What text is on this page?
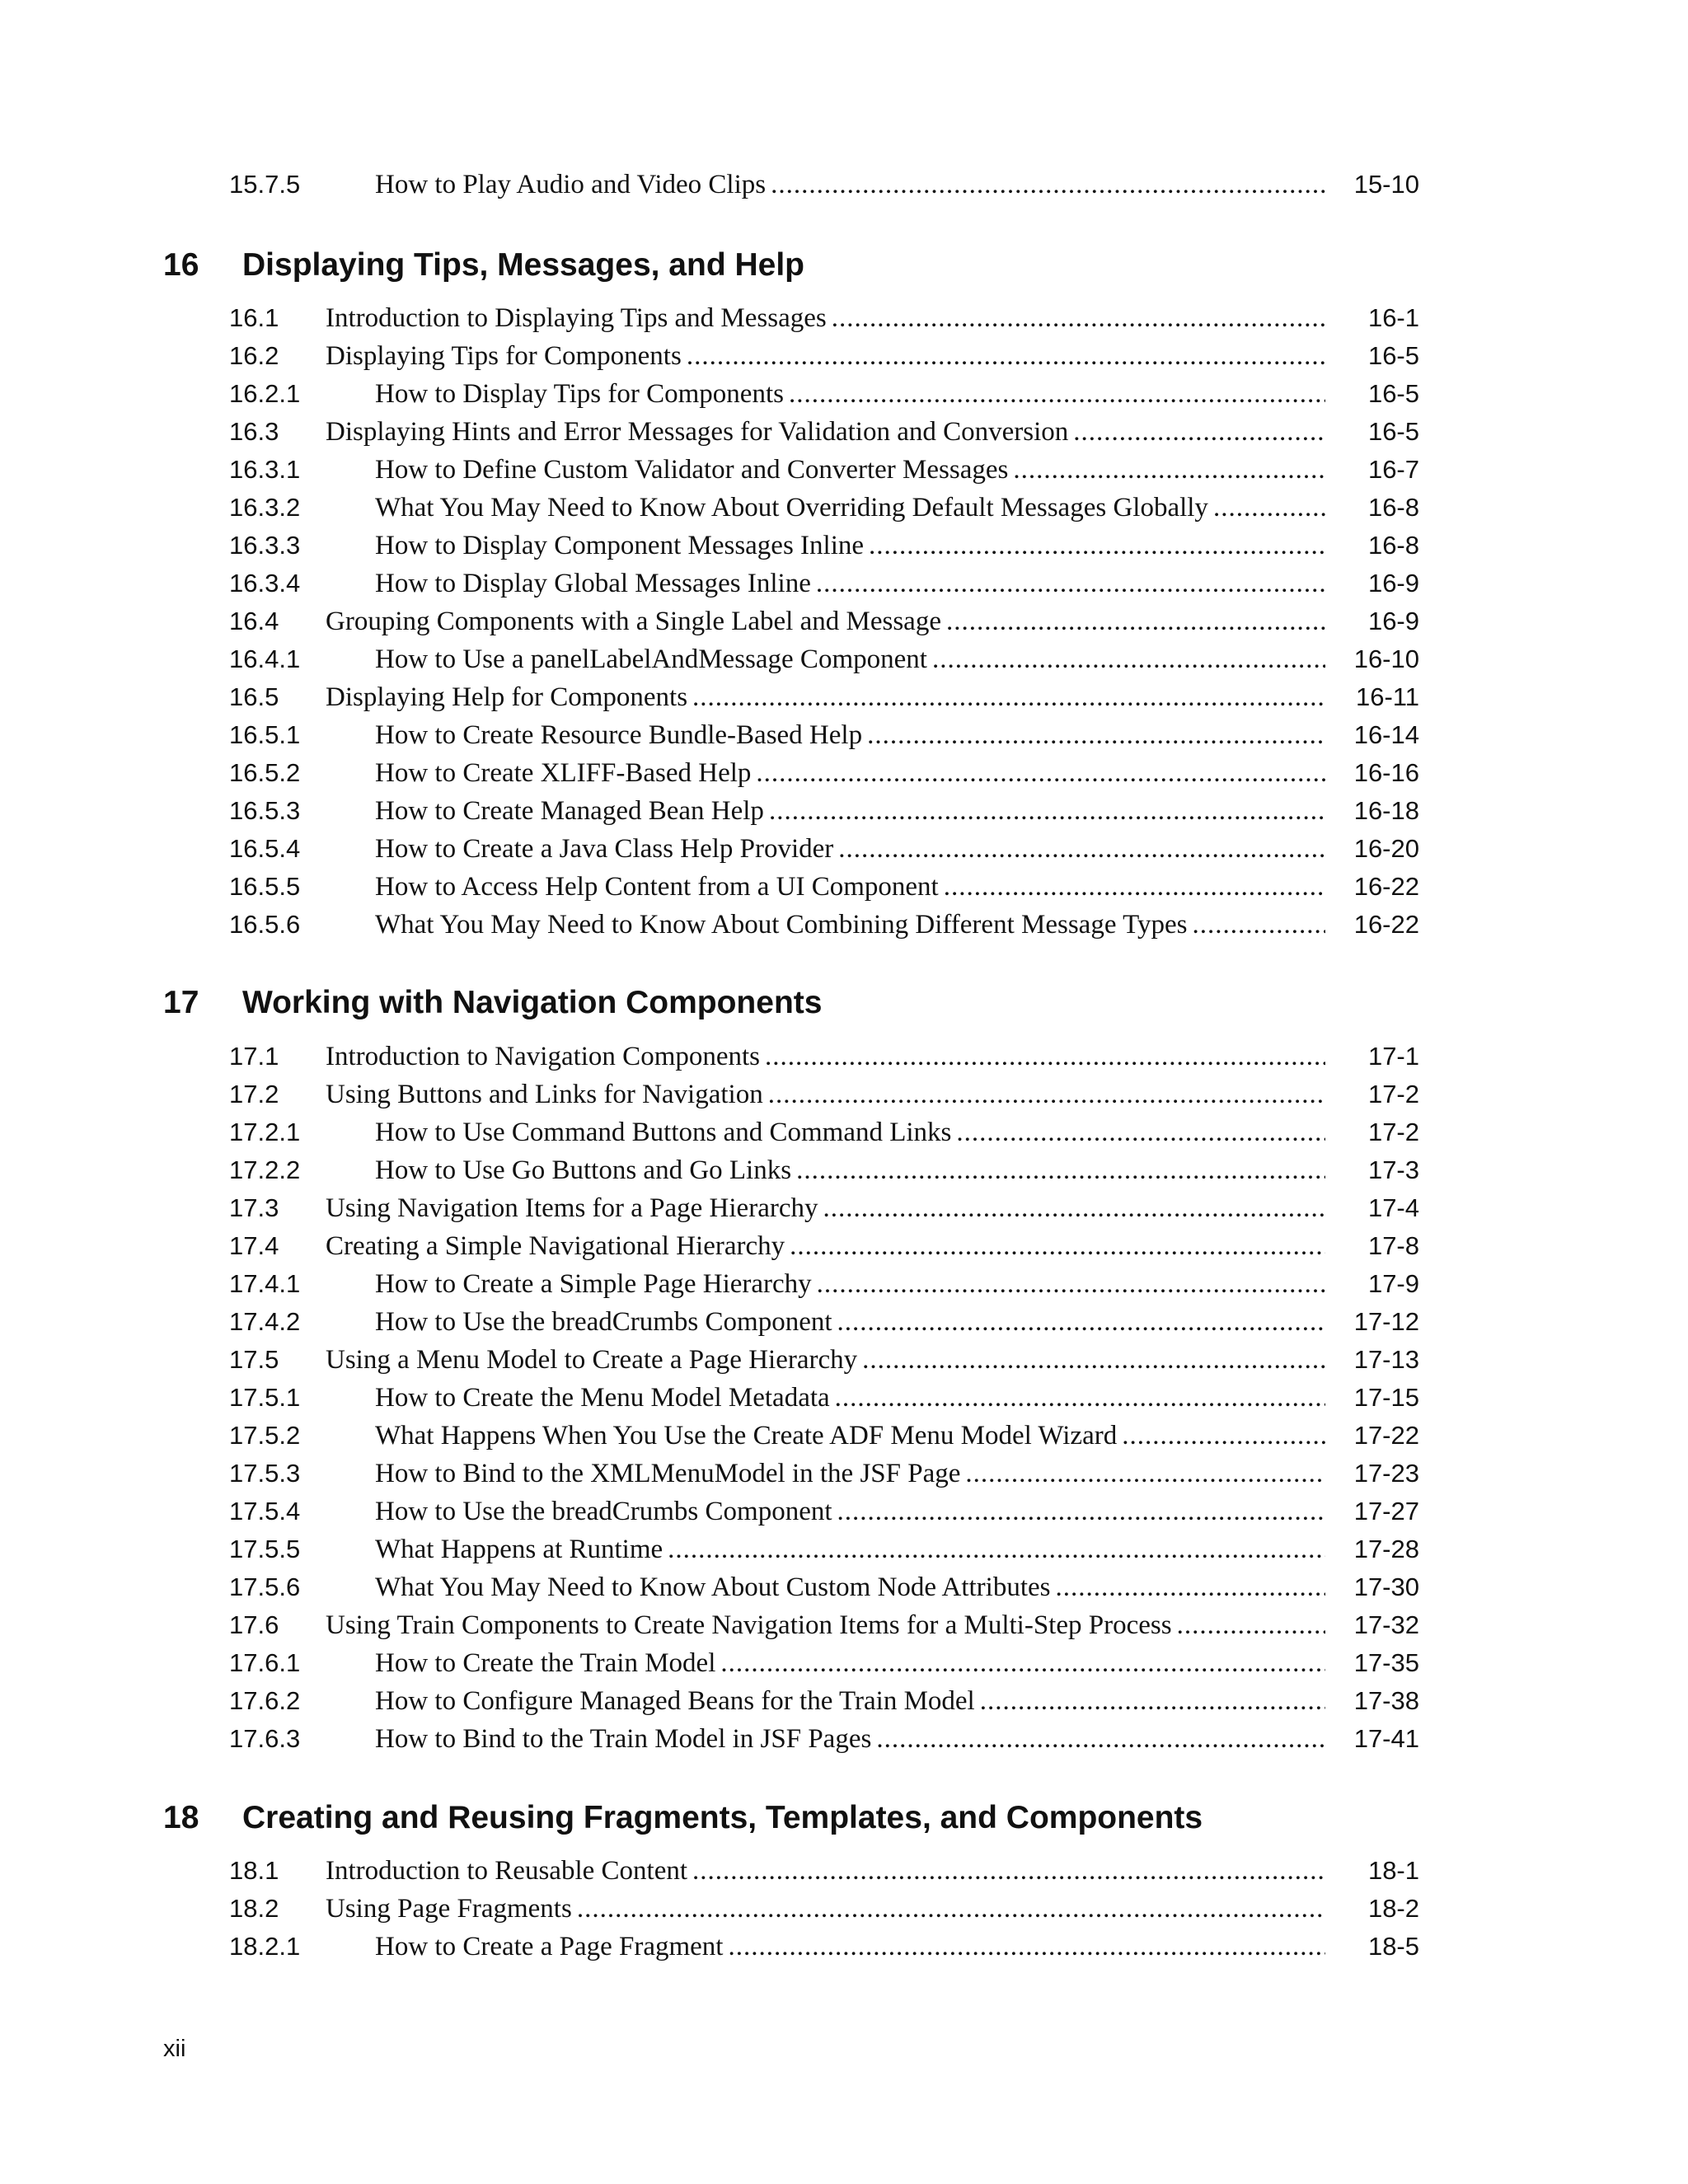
15.7.5	How to Play Audio and Video Clips .....	15-10
16	Displaying Tips, Messages, and Help
16.1	Introduction to Displaying Tips and Messages .....	16-1
16.2	Displaying Tips for Components .....	16-5
16.2.1	How to Display Tips for Components .....	16-5
16.3	Displaying Hints and Error Messages for Validation and Conversion .....	16-5
16.3.1	How to Define Custom Validator and Converter Messages .....	16-7
16.3.2	What You May Need to Know About Overriding Default Messages Globally .....	16-8
16.3.3	How to Display Component Messages Inline .....	16-8
16.3.4	How to Display Global Messages Inline .....	16-9
16.4	Grouping Components with a Single Label and Message .....	16-9
16.4.1	How to Use a panelLabelAndMessage Component .....	16-10
16.5	Displaying Help for Components .....	16-11
16.5.1	How to Create Resource Bundle-Based Help .....	16-14
16.5.2	How to Create XLIFF-Based Help .....	16-16
16.5.3	How to Create Managed Bean Help .....	16-18
16.5.4	How to Create a Java Class Help Provider .....	16-20
16.5.5	How to Access Help Content from a UI Component .....	16-22
16.5.6	What You May Need to Know About Combining Different Message Types .....	16-22
17	Working with Navigation Components
17.1	Introduction to Navigation Components .....	17-1
17.2	Using Buttons and Links for Navigation .....	17-2
17.2.1	How to Use Command Buttons and Command Links .....	17-2
17.2.2	How to Use Go Buttons and Go Links .....	17-3
17.3	Using Navigation Items for a Page Hierarchy .....	17-4
17.4	Creating a Simple Navigational Hierarchy .....	17-8
17.4.1	How to Create a Simple Page Hierarchy .....	17-9
17.4.2	How to Use the breadCrumbs Component .....	17-12
17.5	Using a Menu Model to Create a Page Hierarchy .....	17-13
17.5.1	How to Create the Menu Model Metadata .....	17-15
17.5.2	What Happens When You Use the Create ADF Menu Model Wizard .....	17-22
17.5.3	How to Bind to the XMLMenuModel in the JSF Page .....	17-23
17.5.4	How to Use the breadCrumbs Component .....	17-27
17.5.5	What Happens at Runtime .....	17-28
17.5.6	What You May Need to Know About Custom Node Attributes .....	17-30
17.6	Using Train Components to Create Navigation Items for a Multi-Step Process .....	17-32
17.6.1	How to Create the Train Model .....	17-35
17.6.2	How to Configure Managed Beans for the Train Model .....	17-38
17.6.3	How to Bind to the Train Model in JSF Pages .....	17-41
18	Creating and Reusing Fragments, Templates, and Components
18.1	Introduction to Reusable Content .....	18-1
18.2	Using Page Fragments .....	18-2
18.2.1	How to Create a Page Fragment .....	18-5
xii
